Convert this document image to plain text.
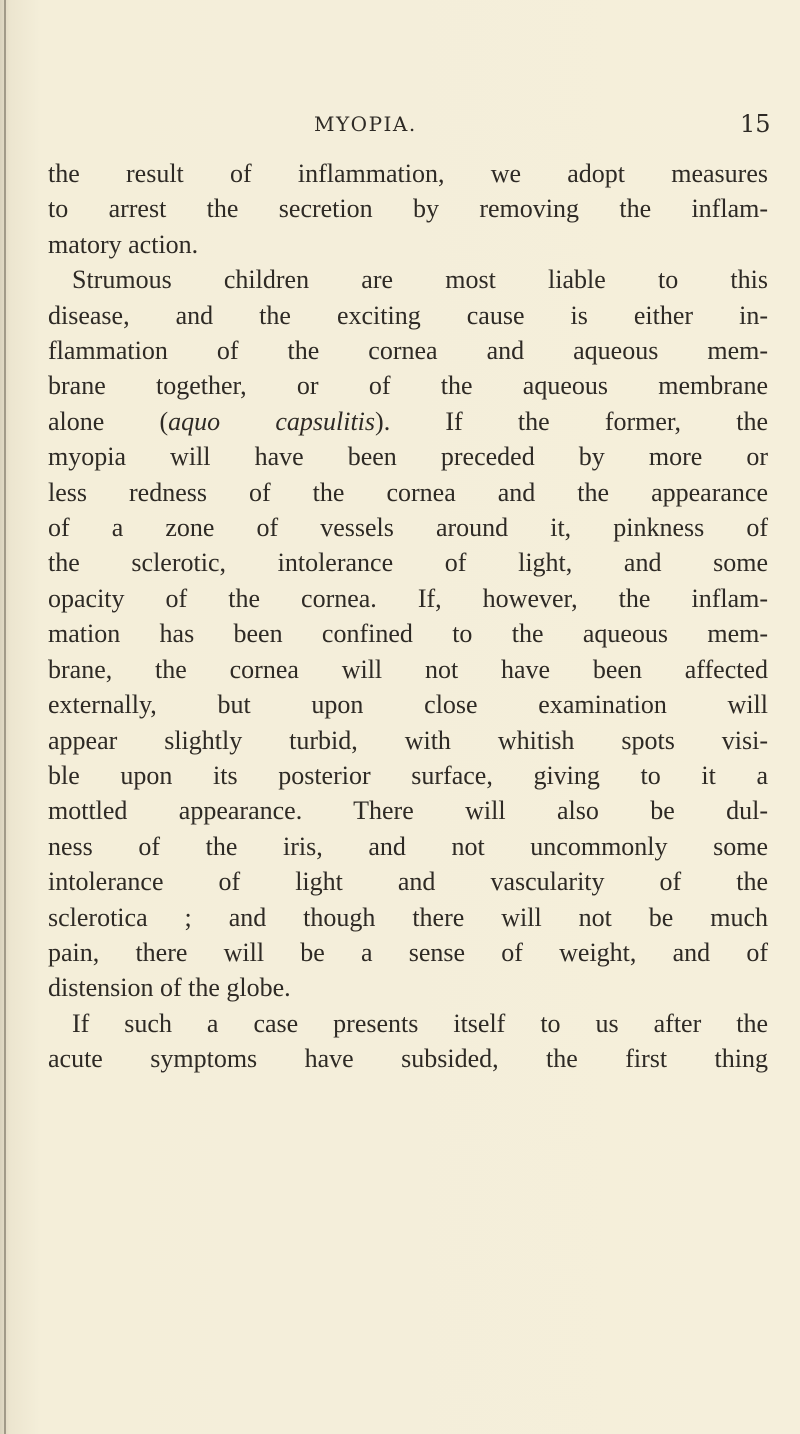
MYOPIA.	15
the result of inflammation, we adopt measures
to arrest the secretion by removing the inflam-
matory action.
Strumous children are most liable to this
disease, and the exciting cause is either in-
flammation of the cornea and aqueous mem-
brane together, or of the aqueous membrane
alone (aquo capsulitis). If the former, the
myopia will have been preceded by more or
less redness of the cornea and the appearance
of a zone of vessels around it, pinkness of
the sclerotic, intolerance of light, and some
opacity of the cornea. If, however, the inflam-
mation has been confined to the aqueous mem-
brane, the cornea will not have been affected
externally, but upon close examination will
appear slightly turbid, with whitish spots visi-
ble upon its posterior surface, giving to it a
mottled appearance. There will also be dul-
ness of the iris, and not uncommonly some
intolerance of light and vascularity of the
sclerotica ; and though there will not be much
pain, there will be a sense of weight, and of
distension of the globe.
If such a case presents itself to us after the
acute symptoms have subsided, the first thing
